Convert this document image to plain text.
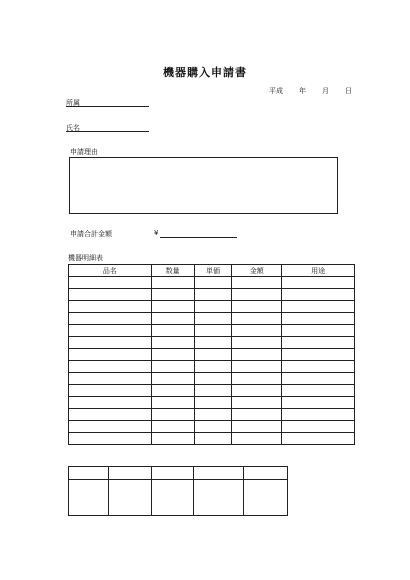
機器購入申請書
平成 年 月 日
所属
氏名
申請理由
申請合計金額	¥
機器明細表
品名	数量	単価	金額	用途
